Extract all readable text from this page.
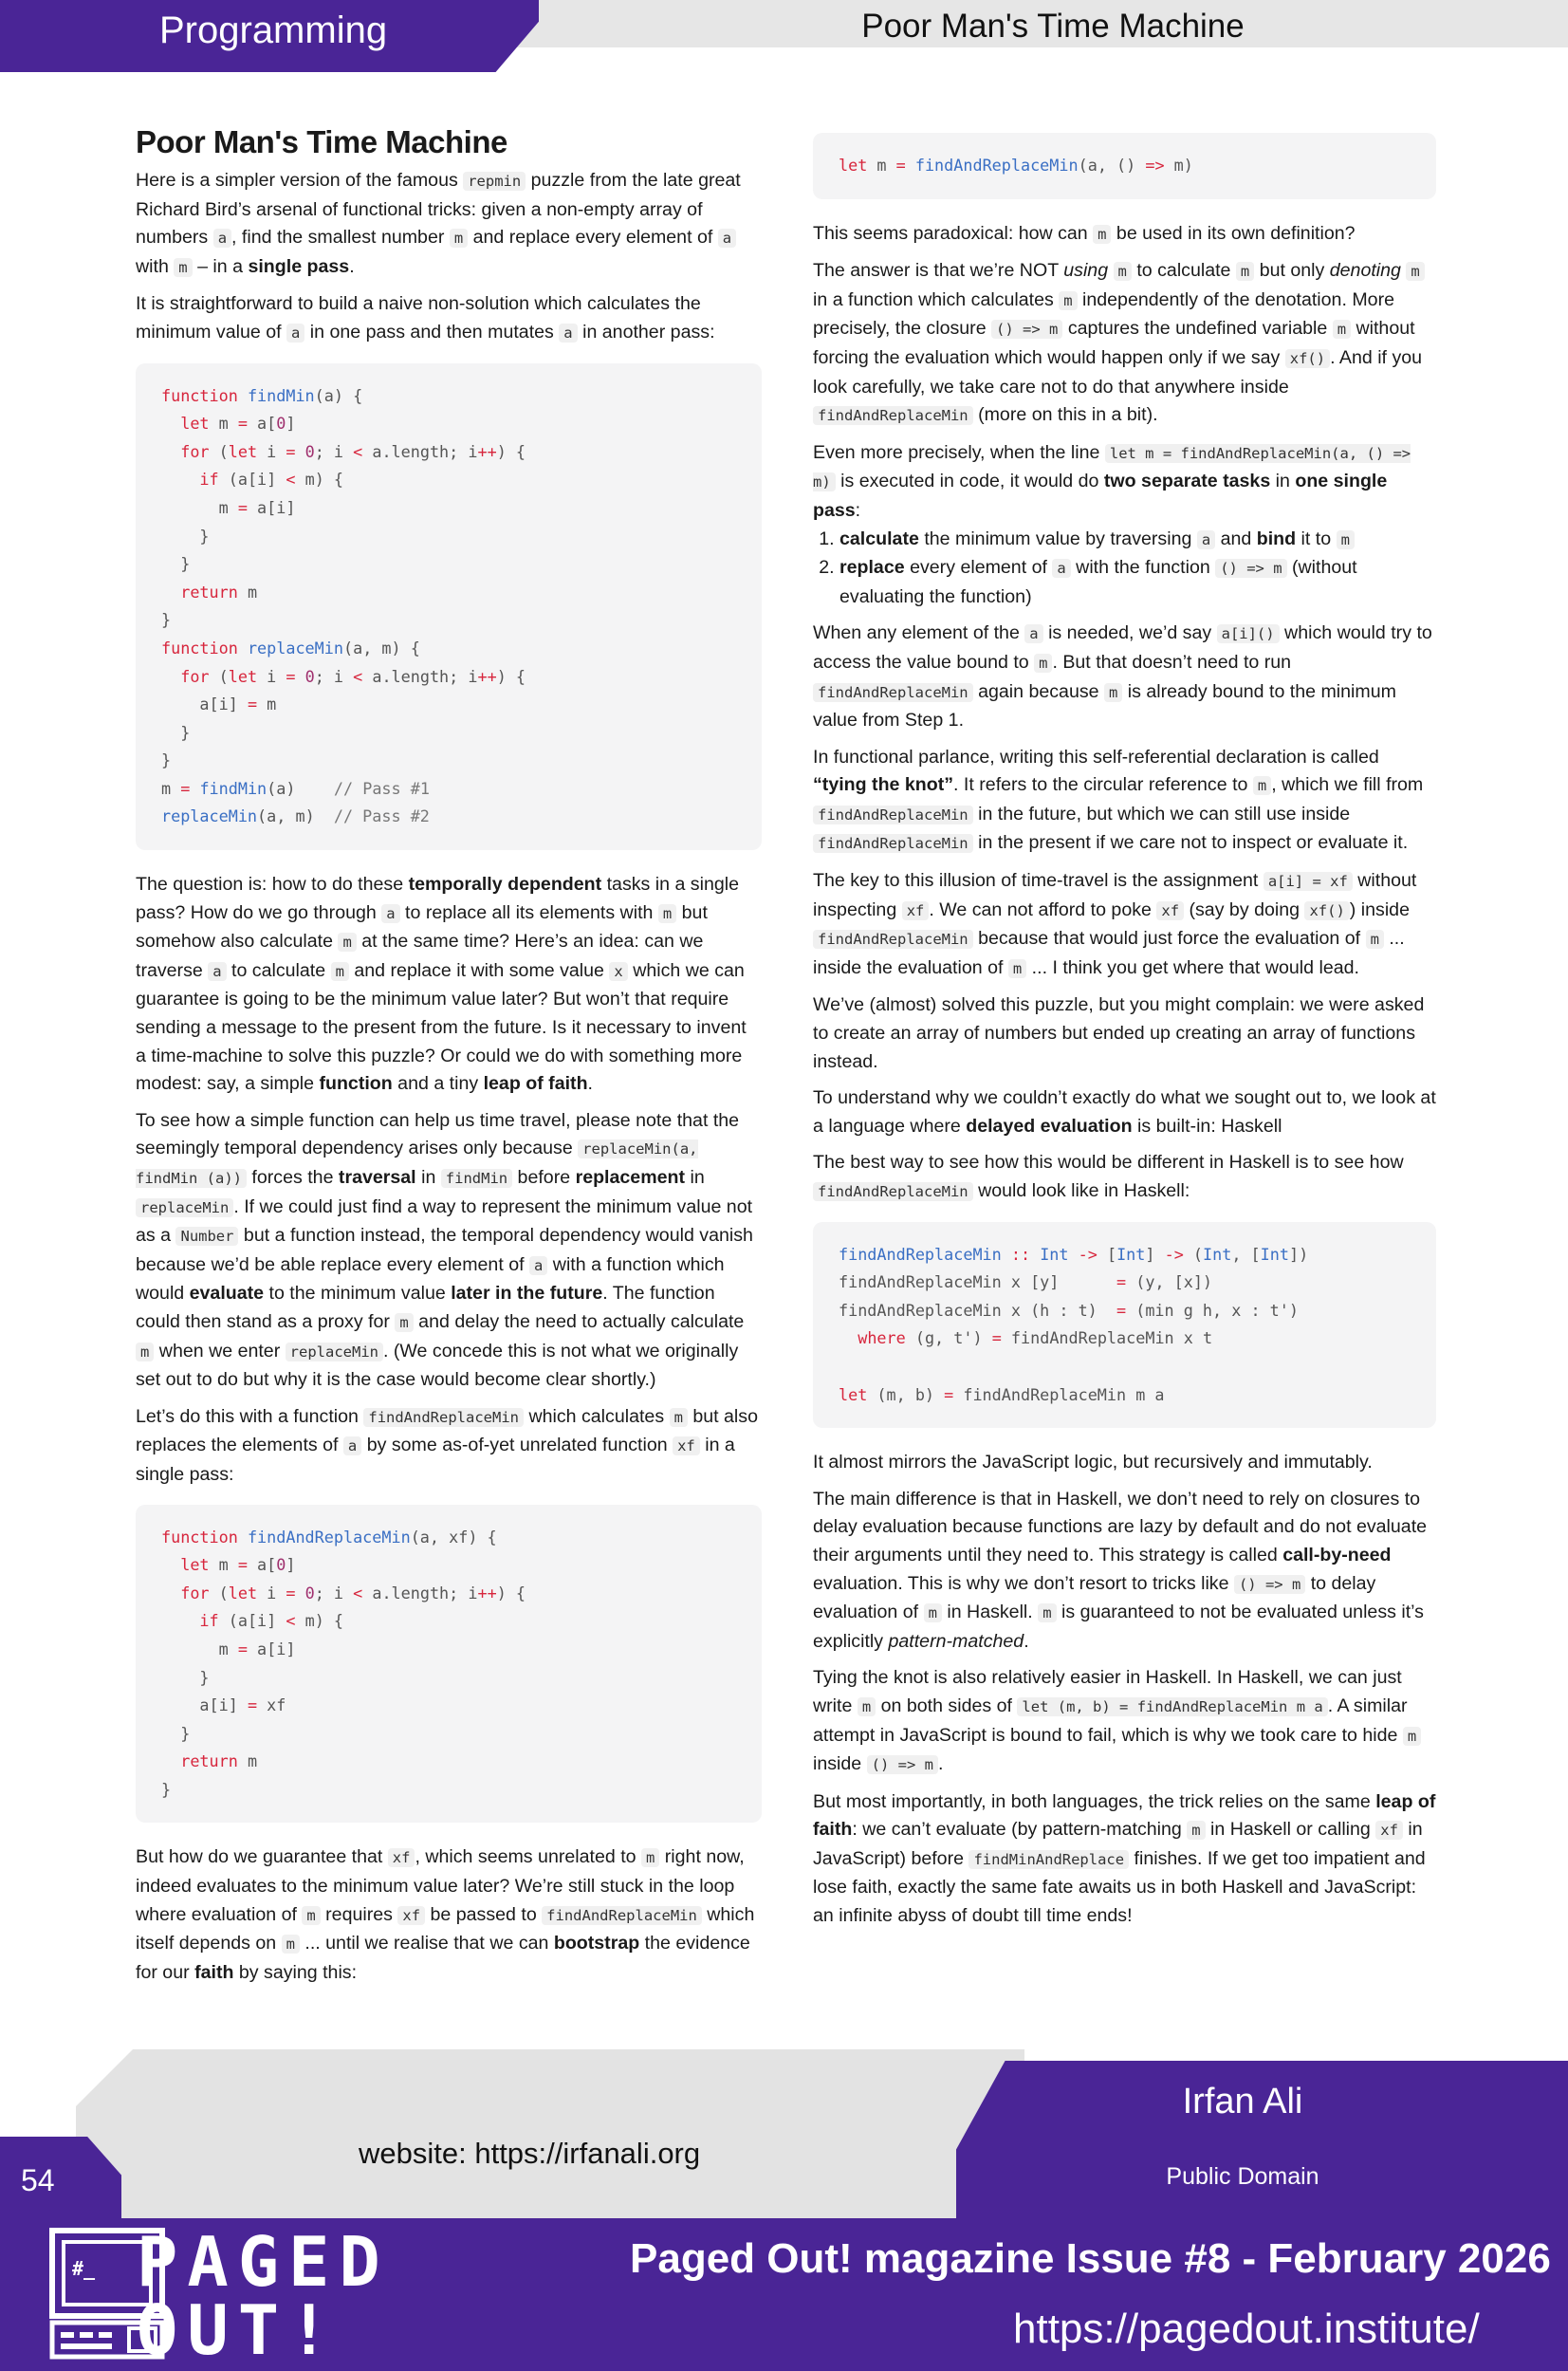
Programming	Poor Man's Time Machine
Poor Man's Time Machine

Here is a simpler version of the famous repmin puzzle from the late great Richard Bird’s arsenal of functional tricks: given a non-empty array of numbers a , find the smallest number m and replace every element of a with m – in a single pass.

It is straightforward to build a naive non-solution which calculates the minimum value of a in one pass and then mutates a in another pass:

function findMin(a) {
let m = a[0]
for (let i = 0; i < a.length; i++) {
if (a[i] < m) {
m = a[i]
}
}
return m
}
function replaceMin(a, m) {
for (let i = 0; i < a.length; i++) {
a[i] = m
}
}
m = findMin(a)    // Pass #1
replaceMin(a, m)  // Pass #2

The question is: how to do these temporally dependent tasks in a single pass? How do we go through a to replace all its elements with m but somehow also calculate m at the same time? Here’s an idea: can we traverse a to calculate m and replace it with some value x which we can guarantee is going to be the minimum value later? But won’t that require sending a message to the present from the future. Is it necessary to invent a time-machine to solve this puzzle? Or could we do with something more modest: say, a simple function and a tiny leap of faith.

To see how a simple function can help us time travel, please note that the seemingly temporal dependency arises only because replaceMin(a, findMin (a)) forces the traversal in findMin before replacement in replaceMin . If we could just find a way to represent the minimum value not as a Number but a function instead, the temporal dependency would vanish because we’d be able replace every element of a with a function which would evaluate to the minimum value later in the future. The function could then stand as a proxy for m and delay the need to actually calculate m when we enter replaceMin . (We concede this is not what we originally set out to do but why it is the case would become clear shortly.)

Let’s do this with a function findAndReplaceMin which calculates m but also replaces the elements of a by some as-of-yet unrelated function xf in a single pass:

function findAndReplaceMin(a, xf) {
let m = a[0]
for (let i = 0; i < a.length; i++) {
if (a[i] < m) {
m = a[i]
}
a[i] = xf
}
return m
}

But how do we guarantee that xf , which seems unrelated to m right now, indeed evaluates to the minimum value later? We’re still stuck in the loop where evaluation of m requires xf be passed to findAndReplaceMin which itself depends on m ... until we realise that we can bootstrap the evidence for our faith by saying this:

let m = findAndReplaceMin(a, () => m)

This seems paradoxical: how can m be used in its own definition?

The answer is that we’re NOT using m to calculate m but only denoting m in a function which calculates m independently of the denotation. More precisely, the closure () => m captures the undefined variable m without forcing the evaluation which would happen only if we say xf() . And if you look carefully, we take care not to do that anywhere inside findAndReplaceMin (more on this in a bit).

Even more precisely, when the line let m = findAndReplaceMin(a, () => m) is executed in code, it would do two separate tasks in one single pass:

1. calculate the minimum value by traversing a and bind it to m
2. replace every element of a with the function () => m (without evaluating the function)

When any element of the a is needed, we’d say a[i]() which would try to access the value bound to m . But that doesn’t need to run findAndReplaceMin again because m is already bound to the minimum value from Step 1.

In functional parlance, writing this self-referential declaration is called “tying the knot”. It refers to the circular reference to m , which we fill from findAndReplaceMin in the future, but which we can still use inside findAndReplaceMin in the present if we care not to inspect or evaluate it.

The key to this illusion of time-travel is the assignment a[i] = xf without inspecting xf . We can not afford to poke xf (say by doing xf() ) inside findAndReplaceMin because that would just force the evaluation of m ... inside the evaluation of m ... I think you get where that would lead.

We’ve (almost) solved this puzzle, but you might complain: we were asked to create an array of numbers but ended up creating an array of functions instead.

To understand why we couldn’t exactly do what we sought out to, we look at a language where delayed evaluation is built-in: Haskell

The best way to see how this would be different in Haskell is to see how findAndReplaceMin would look like in Haskell:

findAndReplaceMin :: Int -> [Int] -> (Int, [Int])
findAndReplaceMin x [y]	= (y, [x])
findAndReplaceMin x (h : t)  = (min g h, x : t')
where (g, t') = findAndReplaceMin x t

let (m, b) = findAndReplaceMin m a

It almost mirrors the JavaScript logic, but recursively and immutably.

The main difference is that in Haskell, we don’t need to rely on closures to delay evaluation because functions are lazy by default and do not evaluate their arguments until they need to. This strategy is called call-by-need evaluation. This is why we don’t resort to tricks like () => m to delay evaluation of m in Haskell. m is guaranteed to not be evaluated unless it’s explicitly pattern-matched.

Tying the knot is also relatively easier in Haskell. In Haskell, we can just write m on both sides of let (m, b) = findAndReplaceMin m a . A similar attempt in JavaScript is bound to fail, which is why we took care to hide m inside () => m .

But most importantly, in both languages, the trick relies on the same leap of faith: we can’t evaluate (by pattern-matching m in Haskell or calling xf in JavaScript) before findMinAndReplace finishes. If we get too impatient and lose faith, exactly the same fate awaits us in both Haskell and JavaScript: an infinite abyss of doubt till time ends!

website: https://irfanali.org
Irfan Ali
Public Domain
54
#_ PAGED OUT!
Paged Out! magazine Issue #8 - February 2026
https://pagedout.institute/
